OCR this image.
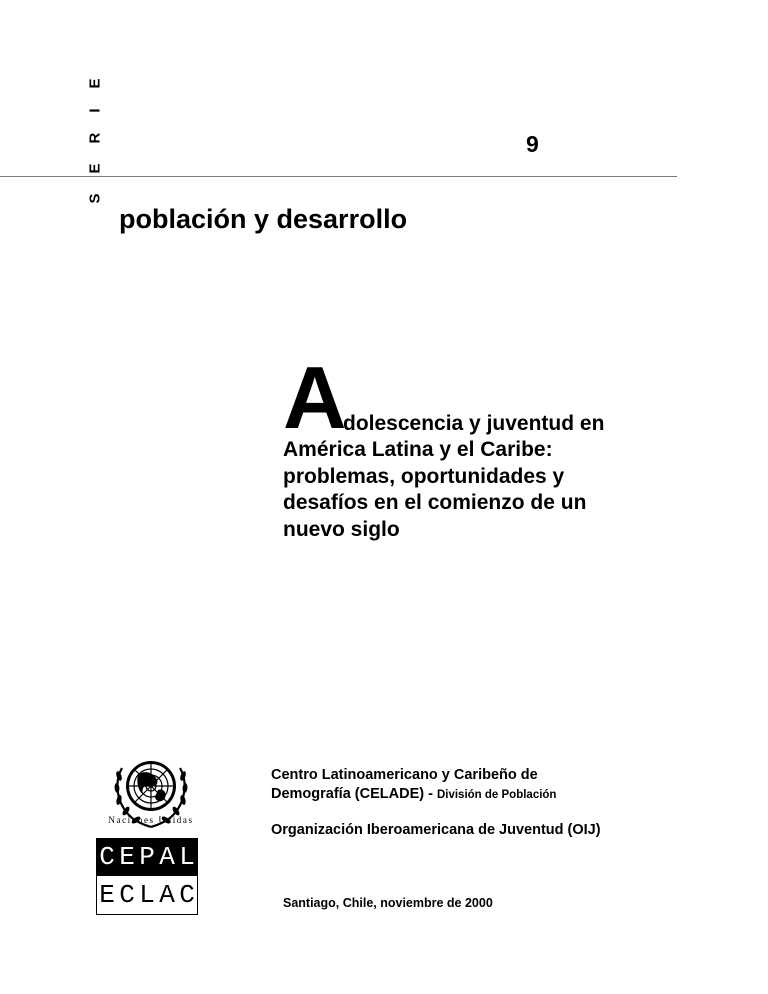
SERIE	9
población y desarrollo
A
dolescencia y juventud en
América Latina y el Caribe:
problemas, oportunidades y
desafíos en el comienzo de un
nuevo siglo
Naciones Unidas
C E P A L
E C L A C
Centro Latinoamericano y Caribeño de
Demografía (CELADE) - División de Población
Organización Iberoamericana de Juventud (OIJ)
Santiago, Chile, noviembre de 2000
